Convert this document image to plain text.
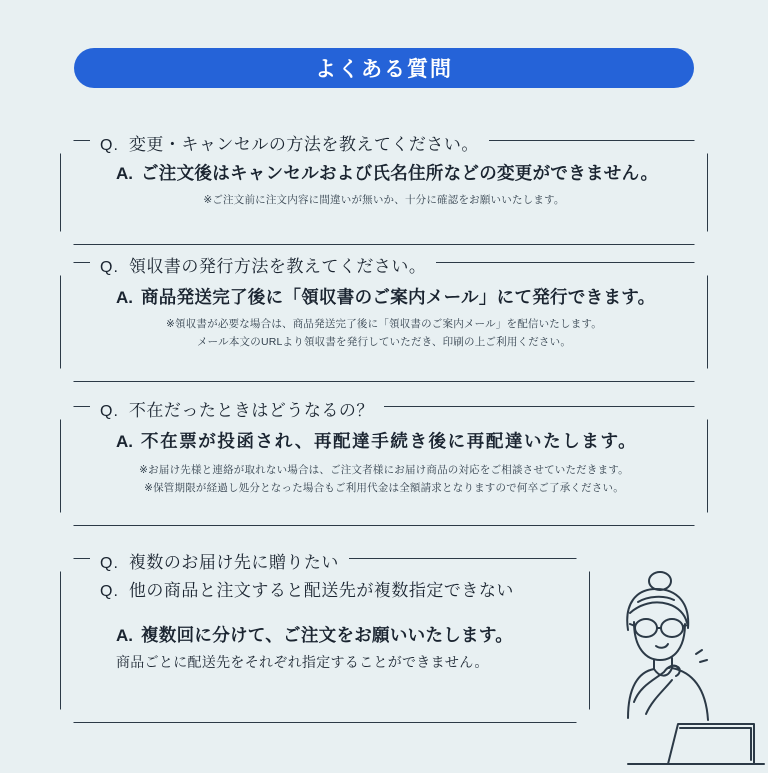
よくある質問
Q. 変更・キャンセルの方法を教えてください。
A. ご注文後はキャンセルおよび氏名住所などの変更ができません。
※ご注文前に注文内容に間違いが無いか、十分に確認をお願いいたします。
Q. 領収書の発行方法を教えてください。
A. 商品発送完了後に「領収書のご案内メール」にて発行できます。
※領収書が必要な場合は、商品発送完了後に「領収書のご案内メール」を配信いたします。
メール本文のURLより領収書を発行していただき、印刷の上ご利用ください。
Q. 不在だったときはどうなるの？
A. 不在票が投函され、再配達手続き後に再配達いたします。
※お届け先様と連絡が取れない場合は、ご注文者様にお届け商品の対応をご相談させていただきます。
※保管期限が経過し処分となった場合もご利用代金は全額請求となりますので何卒ご了承ください。
Q. 複数のお届け先に贈りたい
Q. 他の商品と注文すると配送先が複数指定できない
A. 複数回に分けて、ご注文をお願いいたします。
商品ごとに配送先をそれぞれ指定することができません。
